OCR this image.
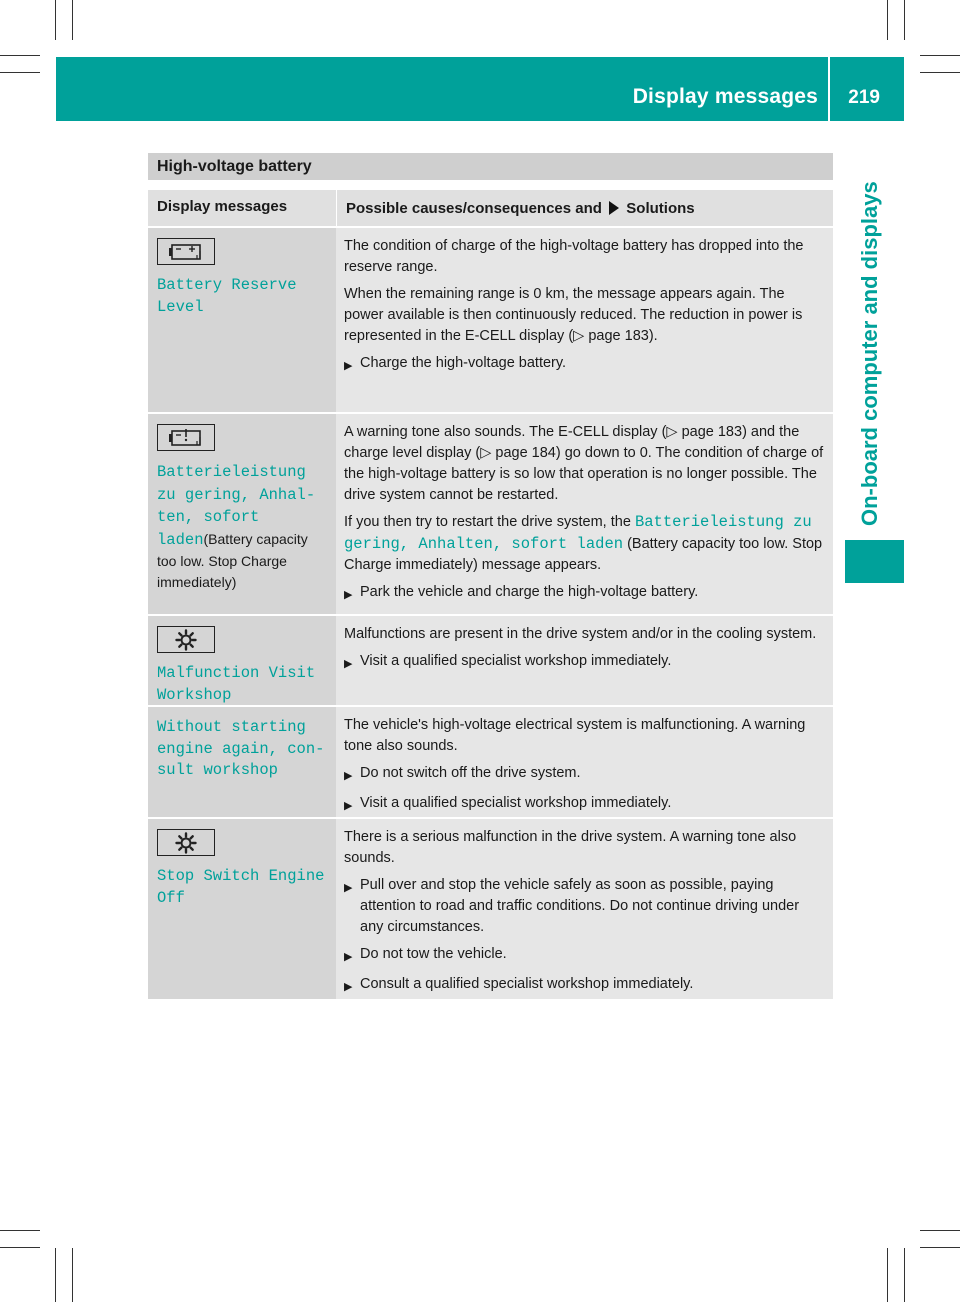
Display messages 219
On-board computer and displays
High-voltage battery
Display messages	Possible causes/consequences and Solutions
Battery Reserve Level

The condition of charge of the high-voltage battery has dropped into the reserve range.

When the remaining range is 0 km, the message appears again. The power available is then continuously reduced. The reduction in power is represented in the E-CELL display (▷ page 183).

▶ Charge the high-voltage battery.
Batterieleistung zu gering, Anhal- ten, sofort laden(Battery capacity too low. Stop Charge immediately)

A warning tone also sounds. The E-CELL display (▷ page 183) and the charge level display (▷ page 184) go down to 0. The condition of charge of the high-voltage battery is so low that operation is no longer possible. The drive system cannot be restarted.

If you then try to restart the drive system, the Batterieleistung zu gering, Anhalten, sofort laden (Battery capacity too low. Stop Charge immediately) message appears.

▶ Park the vehicle and charge the high-voltage battery.
Malfunction Visit Workshop

Malfunctions are present in the drive system and/or in the cooling system.

▶ Visit a qualified specialist workshop immediately.
Without starting engine again, con- sult workshop

The vehicle's high-voltage electrical system is malfunctioning. A warning tone also sounds.

▶ Do not switch off the drive system.
▶ Visit a qualified specialist workshop immediately.
Stop Switch Engine Off

There is a serious malfunction in the drive system. A warning tone also sounds.

▶ Pull over and stop the vehicle safely as soon as possible, paying attention to road and traffic conditions. Do not continue driving under any circumstances.
▶ Do not tow the vehicle.
▶ Consult a qualified specialist workshop immediately.
